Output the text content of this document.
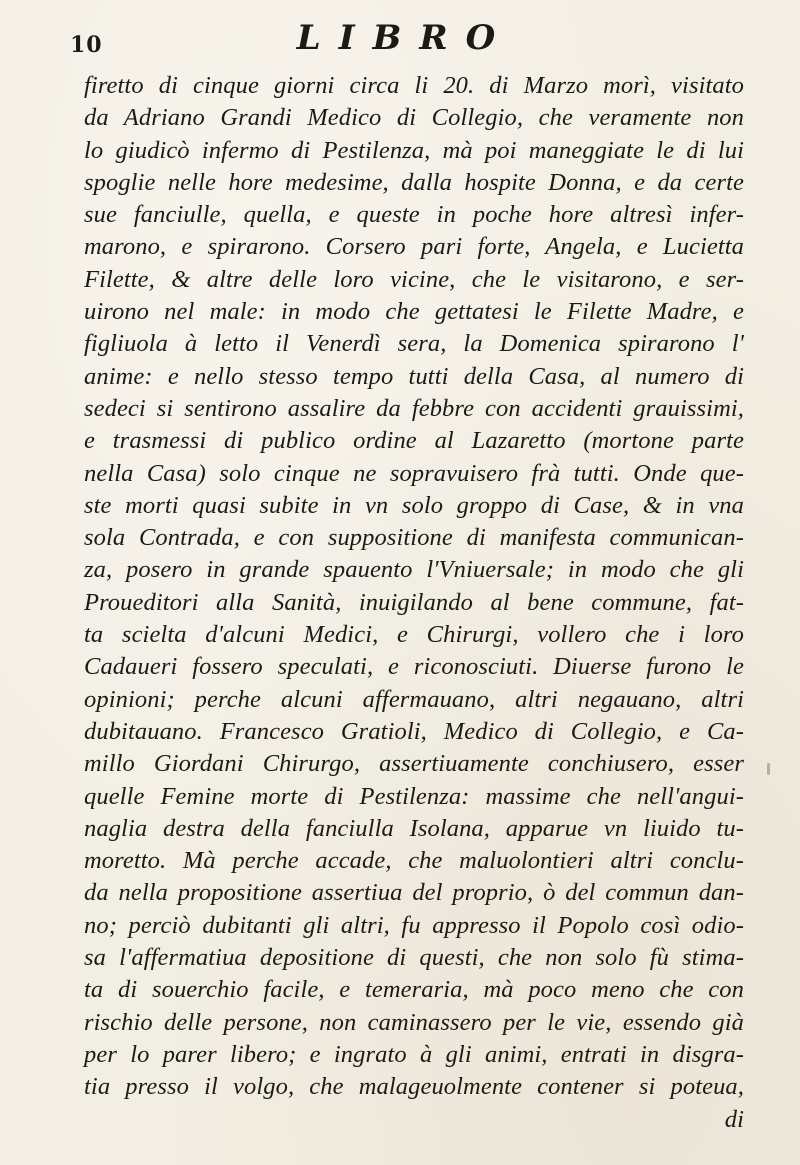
10	LIBRO
firetto di cinque giorni circa li 20. di Marzo morì, visitato
da Adriano Grandi Medico di Collegio, che veramente non
lo giudicò infermo di Pestilenza, mà poi maneggiate le di lui
spoglie nelle hore medesime, dalla hospite Donna, e da certe
sue fanciulle, quella, e queste in poche hore altresì infer-
marono, e spirarono. Corsero pari forte, Angela, e Lucietta
Filette, & altre delle loro vicine, che le visitarono, e ser-
uirono nel male: in modo che gettatesi le Filette Madre, e
figliuola à letto il Venerdì sera, la Domenica spirarono l'
anime: e nello stesso tempo tutti della Casa, al numero di
sedeci si sentirono assalire da febbre con accidenti grauissimi,
e trasmessi di publico ordine al Lazaretto (mortone parte
nella Casa) solo cinque ne sopravuisero frà tutti. Onde que-
ste morti quasi subite in vn solo groppo di Case, & in vna
sola Contrada, e con suppositione di manifesta communican-
za, posero in grande spauento l'Vniuersale; in modo che gli
Proueditori alla Sanità, inuigilando al bene commune, fat-
ta scielta d'alcuni Medici, e Chirurgi, vollero che i loro
Cadaueri fossero speculati, e riconosciuti. Diuerse furono le
opinioni; perche alcuni affermauano, altri negauano, altri
dubitauano. Francesco Gratioli, Medico di Collegio, e Ca-
millo Giordani Chirurgo, assertiuamente conchiusero, esser
quelle Femine morte di Pestilenza: massime che nell'angui-
naglia destra della fanciulla Isolana, apparue vn liuido tu-
moretto. Mà perche accade, che maluolontieri altri conclu-
da nella propositione assertiua del proprio, ò del commun dan-
no; perciò dubitanti gli altri, fu appresso il Popolo così odio-
sa l'affermatiua depositione di questi, che non solo fù stima-
ta di souerchio facile, e temeraria, mà poco meno che con
rischio delle persone, non caminassero per le vie, essendo già
per lo parer libero; e ingrato à gli animi, entrati in disgra-
tia presso il volgo, che malageuolmente contener si poteua,
di
